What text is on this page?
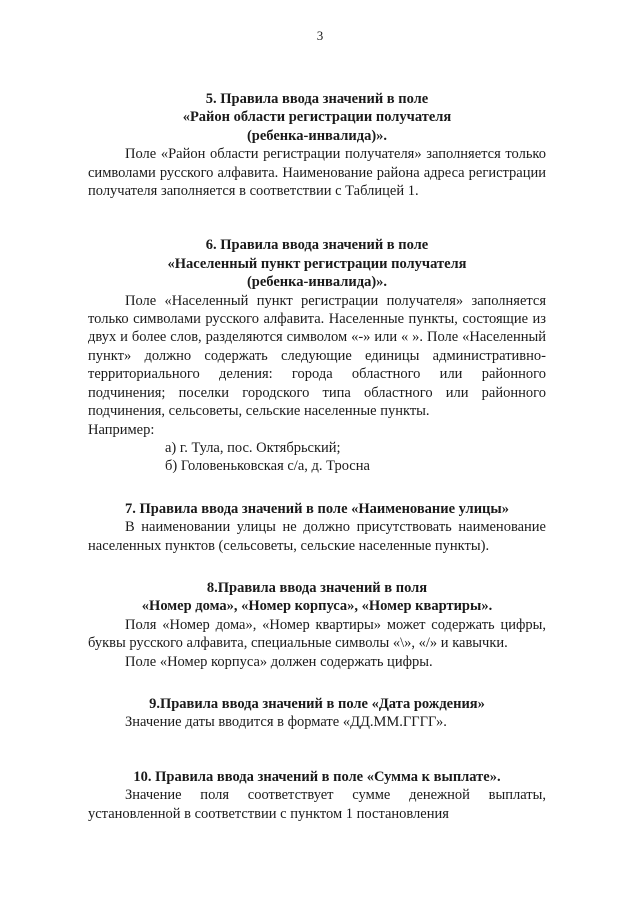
3

5. Правила ввода значений в поле
«Район области регистрации получателя
(ребенка-инвалида)».

Поле «Район области регистрации получателя» заполняется только символами русского алфавита. Наименование района адреса регистрации получателя заполняется в соответствии с Таблицей 1.

6. Правила ввода значений в поле
«Населенный пункт регистрации получателя
(ребенка-инвалида)».

Поле «Населенный пункт регистрации получателя» заполняется только символами русского алфавита. Населенные пункты, состоящие из двух и более слов, разделяются символом «-» или « ». Поле «Населенный пункт» должно содержать следующие единицы административно-территориального деления: города областного или районного подчинения; поселки городского типа областного или районного подчинения, сельсоветы, сельские населенные пункты.

Например:

а) г. Тула, пос. Октябрьский;

б) Головеньковская с/а, д. Тросна

7. Правила ввода значений в поле «Наименование улицы»

В наименовании улицы не должно присутствовать наименование населенных пунктов (сельсоветы, сельские населенные пункты).

8.Правила ввода значений в поля
«Номер дома», «Номер корпуса», «Номер квартиры».

Поля «Номер дома», «Номер квартиры» может содержать цифры, буквы русского алфавита, специальные символы «\», «/» и кавычки.

Поле «Номер корпуса» должен содержать цифры.

9.Правила ввода значений в поле «Дата рождения»

Значение даты вводится в формате «ДД.ММ.ГГГГ».

10. Правила ввода значений в поле «Сумма к выплате».

Значение поля соответствует сумме денежной выплаты, установленной в соответствии с пунктом 1 постановления
